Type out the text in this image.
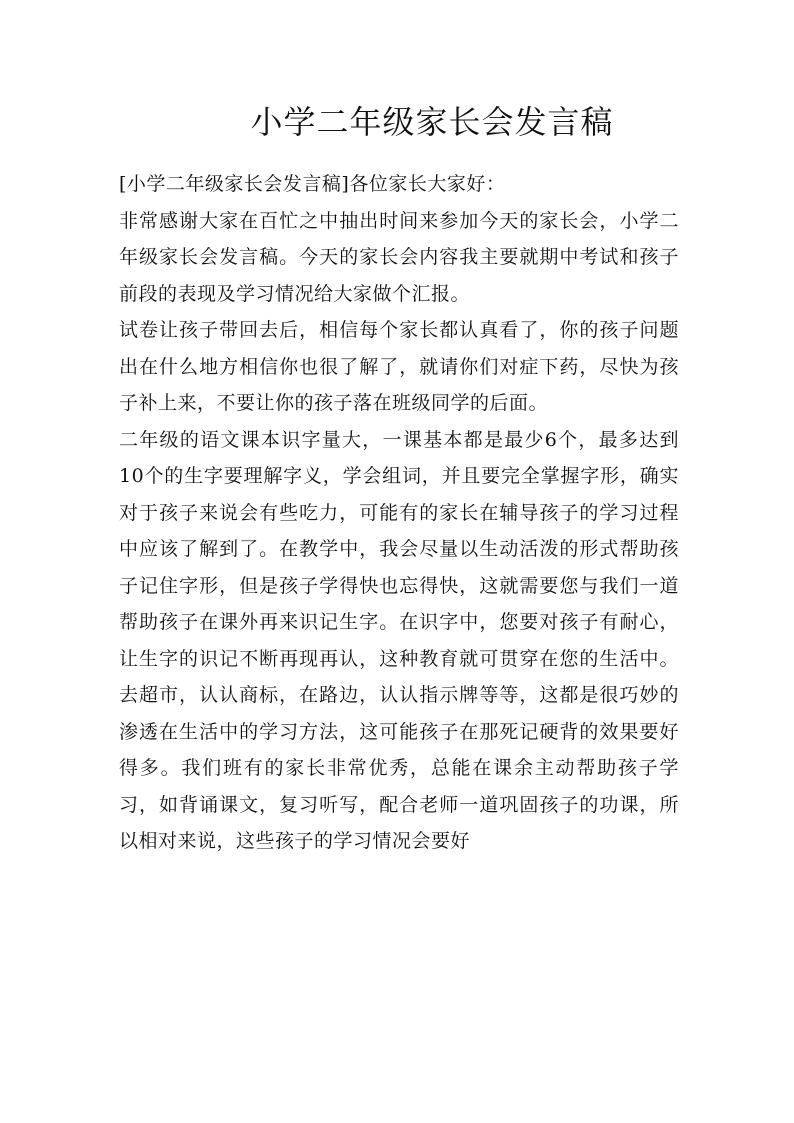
小学二年级家长会发言稿

[小学二年级家长会发言稿]各位家长大家好：

非常感谢大家在百忙之中抽出时间来参加今天的家长会，小学二年级家长会发言稿。今天的家长会内容我主要就期中考试和孩子前段的表现及学习情况给大家做个汇报。

试卷让孩子带回去后，相信每个家长都认真看了，你的孩子问题出在什么地方相信你也很了解了，就请你们对症下药，尽快为孩子补上来，不要让你的孩子落在班级同学的后面。

二年级的语文课本识字量大，一课基本都是最少6个，最多达到10个的生字要理解字义，学会组词，并且要完全掌握字形，确实对于孩子来说会有些吃力，可能有的家长在辅导孩子的学习过程中应该了解到了。在教学中，我会尽量以生动活泼的形式帮助孩子记住字形，但是孩子学得快也忘得快，这就需要您与我们一道帮助孩子在课外再来识记生字。在识字中，您要对孩子有耐心，让生字的识记不断再现再认，这种教育就可贯穿在您的生活中。去超市，认认商标，在路边，认认指示牌等等，这都是很巧妙的渗透在生活中的学习方法，这可能孩子在那死记硬背的效果要好得多。我们班有的家长非常优秀，总能在课余主动帮助孩子学习，如背诵课文，复习听写，配合老师一道巩固孩子的功课，所以相对来说，这些孩子的学习情况会要好
